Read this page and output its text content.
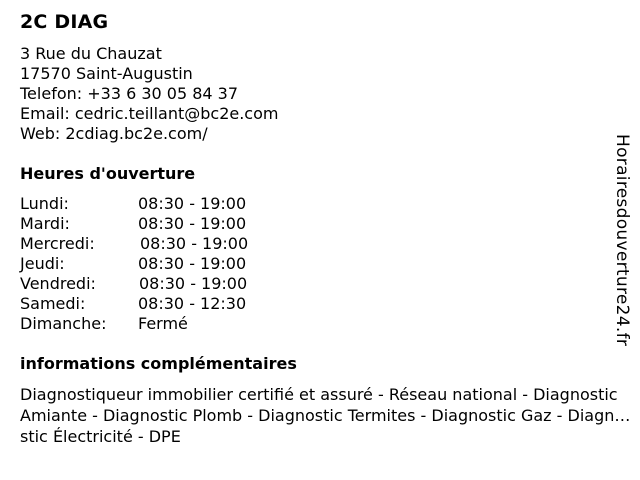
2C DIAG
3 Rue du Chauzat
17570 Saint-Augustin
Telefon: +33 6 30 05 84 37
Email: cedric.teillant@bc2e.com
Web: 2cdiag.bc2e.com/
Heures d'ouverture
Lundi:	08:30 - 19:00
Mardi:	08:30 - 19:00
Mercredi:	08:30 - 19:00
Jeudi:	08:30 - 19:00
Vendredi:	08:30 - 19:00
Samedi:	08:30 - 12:30
Dimanche: Fermé
informations complémentaires
Diagnostiqueur immobilier certifié et assuré - Réseau national - Diagnostic Amiante - Diagnostic Plomb - Diagnostic Termites - Diagnostic Gaz - Diagnostic Électricité - DPE
Horairesdouverture24.fr
